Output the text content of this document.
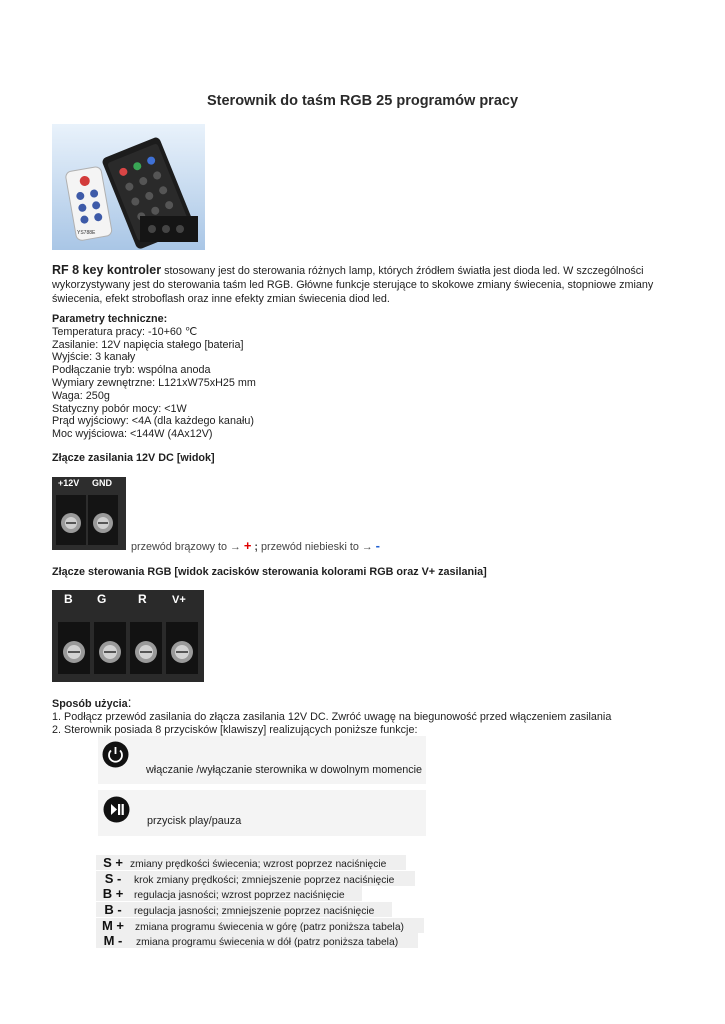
Sterownik do taśm RGB 25 programów pracy
YS788E
RF 8 key kontroler stosowany jest do sterowania różnych lamp, których źródłem światła jest dioda led. W szczególności wykorzystywany jest do sterowania taśm led RGB. Główne funkcje sterujące to skokowe zmiany świecenia, stopniowe zmiany świecenia, efekt stroboflash oraz inne efekty zmian świecenia diod led.
Parametry techniczne:
Temperatura pracy: -10+60 ℃
Zasilanie: 12V napięcia stałego [bateria]
Wyjście: 3 kanały
Podłączanie tryb: wspólna anoda
Wymiary zewnętrzne: L121xW75xH25 mm
Waga: 250g
Statyczny pobór mocy: <1W
Prąd wyjściowy: <4A (dla każdego kanału)
Moc wyjściowa: <144W (4Ax12V)
Złącze zasilania 12V DC [widok]
+12V GND
przewód brązowy to → + ; przewód niebieski to → -
Złącze sterowania RGB [widok zacisków sterowania kolorami RGB oraz V+ zasilania]
B G	R V+
Sposób użycia:
1. Podłącz przewód zasilania do złącza zasilania 12V DC. Zwróć uwagę na biegunowość przed włączeniem zasilania
2. Sterownik posiada 8 przycisków [klawiszy] realizujących poniższe funkcje:
włączanie /wyłączanie sterownika w dowolnym momencie
przycisk play/pauza
S + zmiany prędkości świecenia; wzrost poprzez naciśnięcie
S - krok zmiany prędkości; zmniejszenie poprzez naciśnięcie
B + regulacja jasności; wzrost poprzez naciśnięcie
B - regulacja jasności; zmniejszenie poprzez naciśnięcie
M + zmiana programu świecenia w górę (patrz poniższa tabela)
M - zmiana programu świecenia w dół (patrz poniższa tabela)
